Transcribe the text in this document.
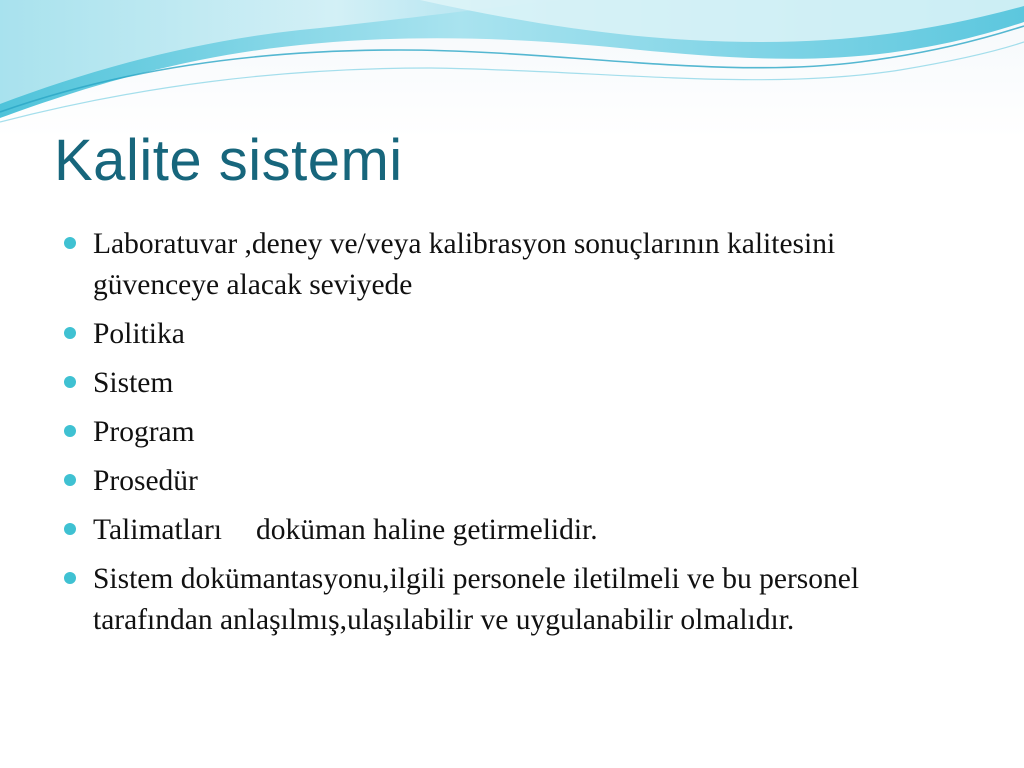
Kalite sistemi
Laboratuvar ,deney ve/veya kalibrasyon sonuçlarının kalitesini güvenceye alacak seviyede
Politika
Sistem
Program
Prosedür
Talimatları doküman haline getirmelidir.
Sistem dokümantasyonu,ilgili personele iletilmeli ve bu personel tarafından anlaşılmış,ulaşılabilir ve uygulanabilir olmalıdır.
